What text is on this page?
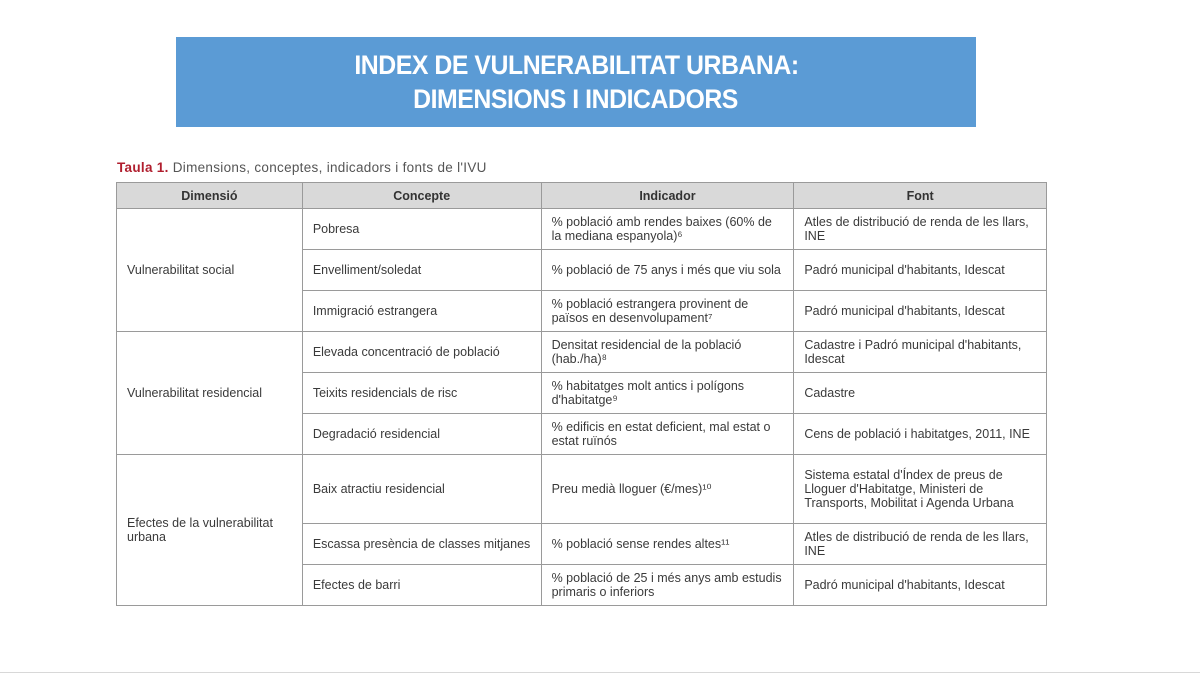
INDEX DE VULNERABILITAT URBANA:
DIMENSIONS I INDICADORS
Taula 1. Dimensions, conceptes, indicadors i fonts de l'IVU
Dimensió	Concepte	Indicador	Font
Vulnerabilitat social	Pobresa	% població amb rendes baixes (60% de la mediana espanyola)⁶	Atles de distribució de renda de les llars, INE
	Envelliment/soledat	% població de 75 anys i més que viu sola	Padró municipal d'habitants, Idescat
	Immigració estrangera	% població estrangera provinent de països en desenvolupament⁷	Padró municipal d'habitants, Idescat
Vulnerabilitat residencial	Elevada concentració de població	Densitat residencial de la població (hab./ha)⁸	Cadastre i Padró municipal d'habitants, Idescat
	Teixits residencials de risc	% habitatges molt antics i polígons d'habitatge⁹	Cadastre
	Degradació residencial	% edificis en estat deficient, mal estat o estat ruïnós	Cens de població i habitatges, 2011, INE
Efectes de la vulnerabilitat urbana	Baix atractiu residencial	Preu medià lloguer (€/mes)¹⁰	Sistema estatal d'Índex de preus de Lloguer d'Habitatge, Ministeri de Transports, Mobilitat i Agenda Urbana
	Escassa presència de classes mitjanes	% població sense rendes altes¹¹	Atles de distribució de renda de les llars, INE
	Efectes de barri	% població de 25 i més anys amb estudis primaris o inferiors	Padró municipal d'habitants, Idescat
